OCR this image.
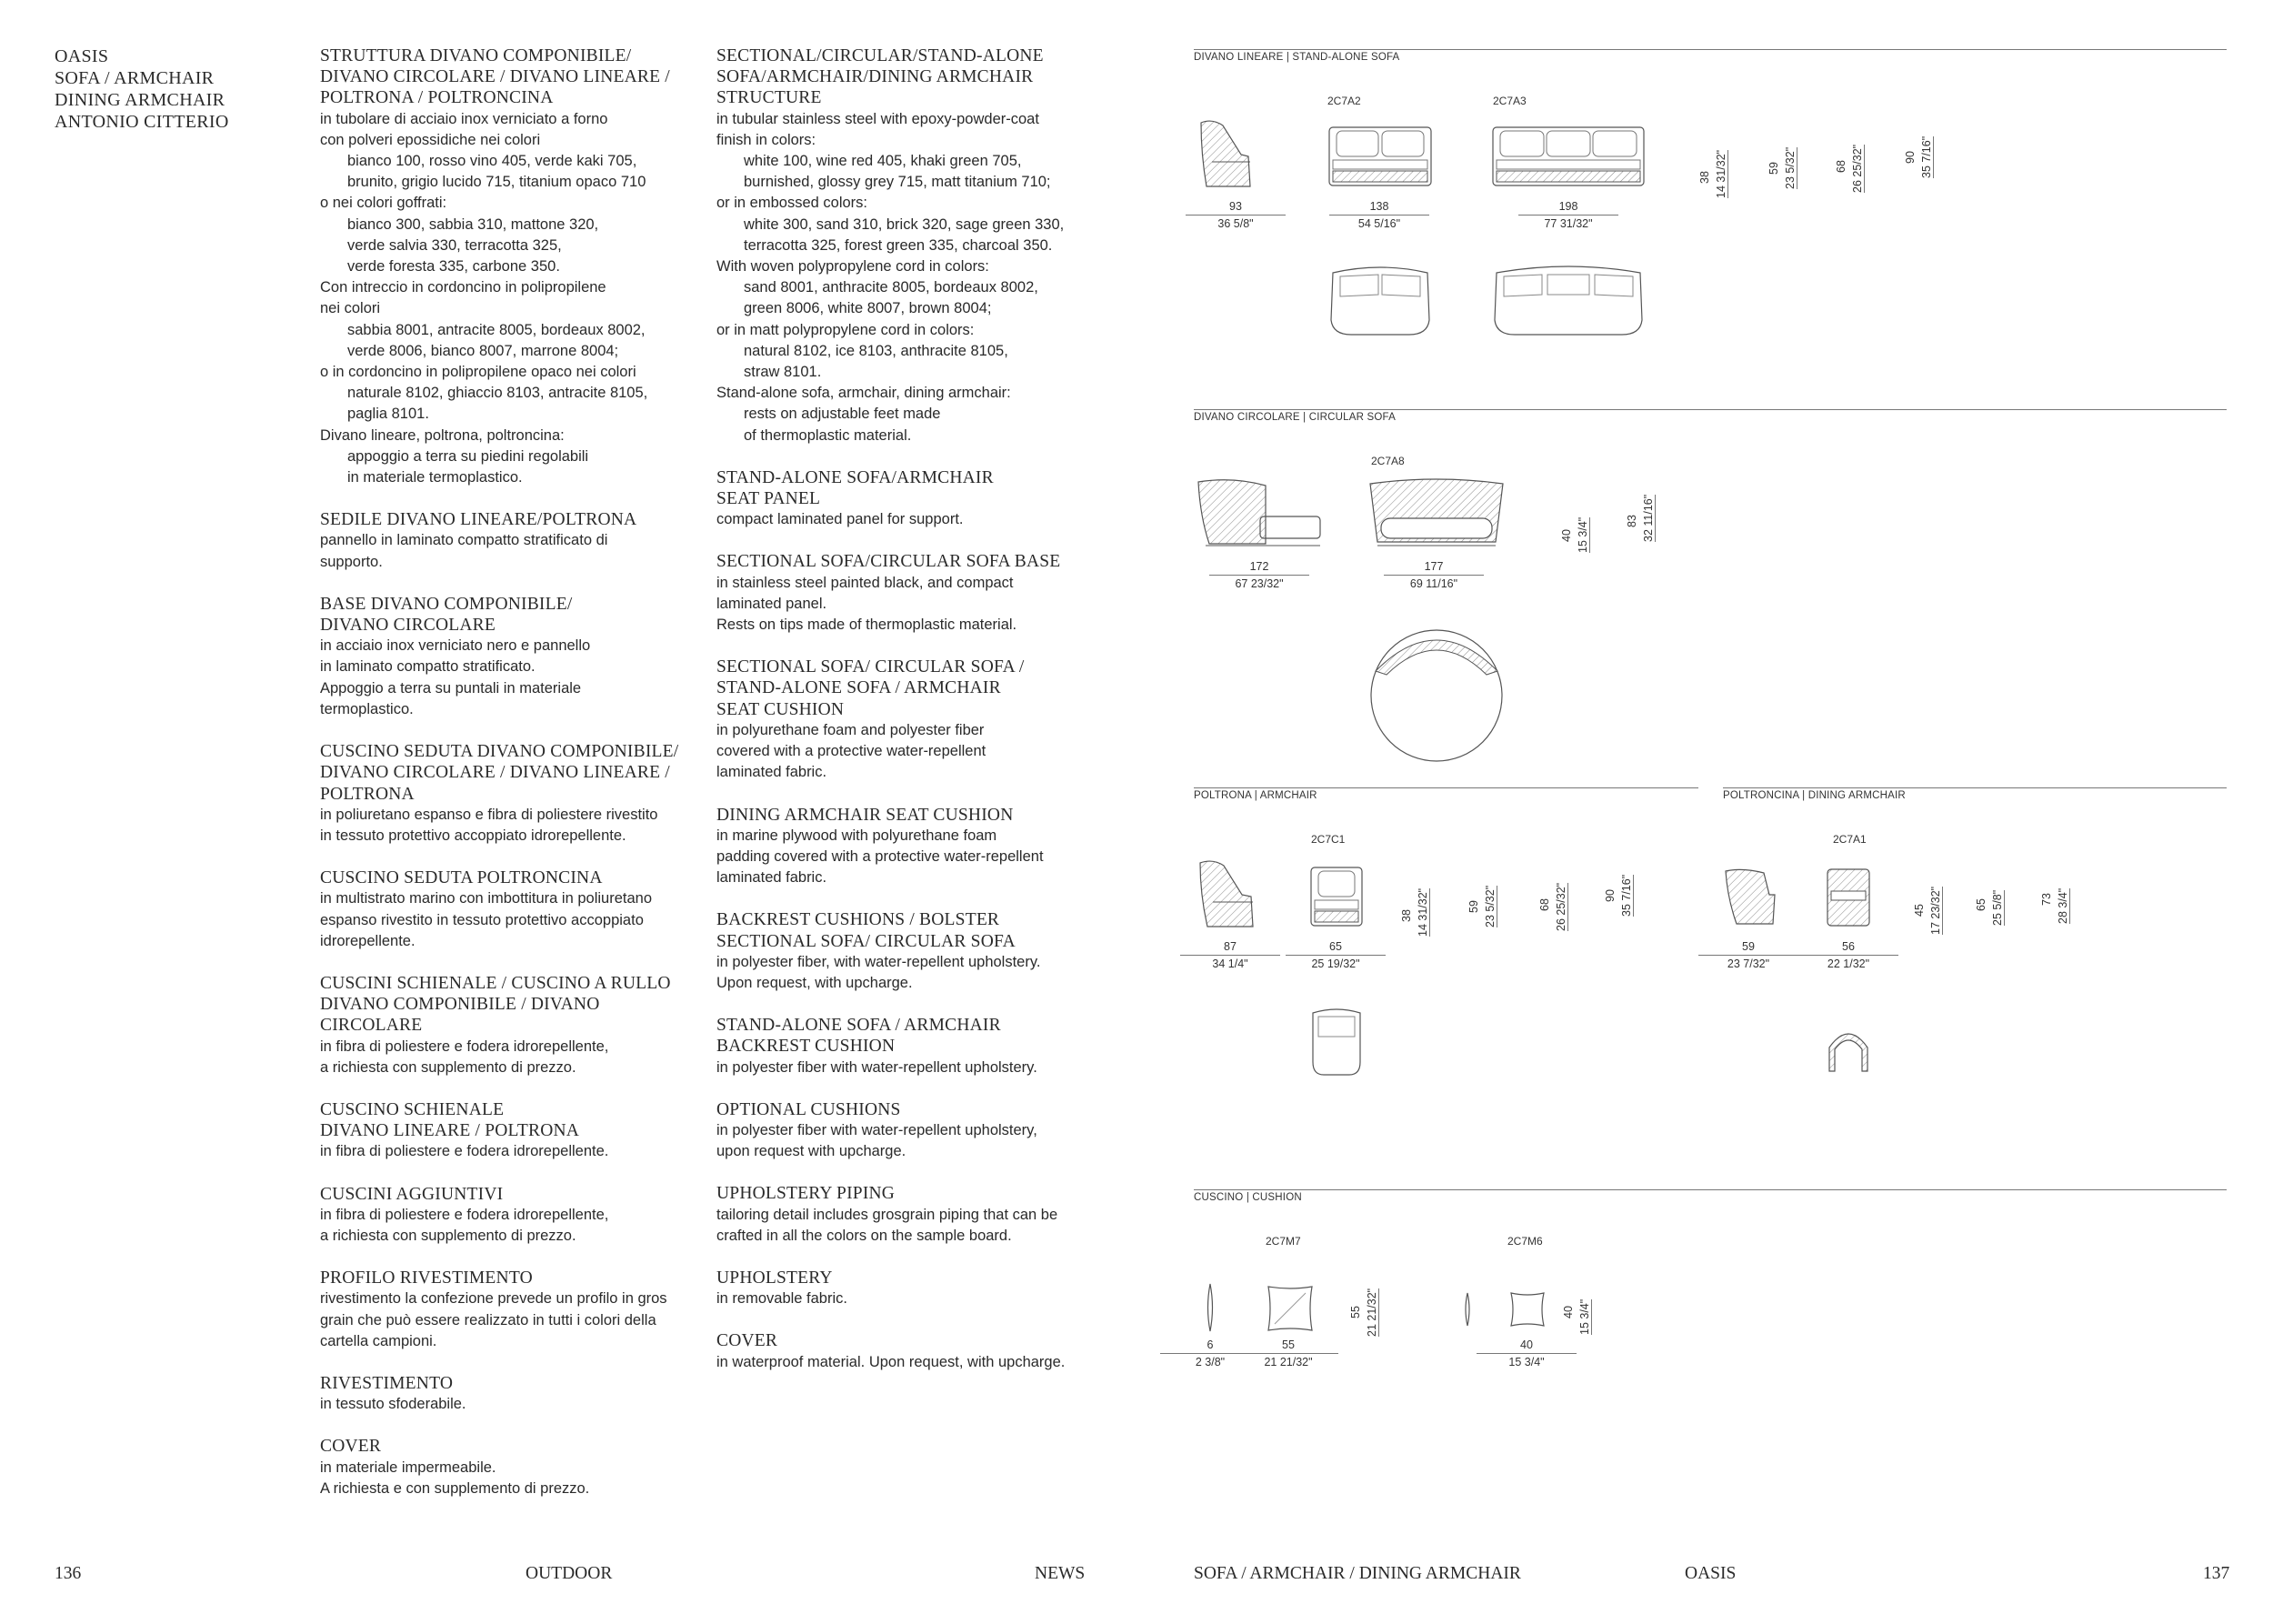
OASIS
SOFA / ARMCHAIR
DINING ARMCHAIR
ANTONIO CITTERIO
STRUTTURA DIVANO COMPONIBILE/
DIVANO CIRCOLARE / DIVANO LINEARE /
POLTRONA / POLTRONCINA
in tubolare di acciaio inox verniciato a forno
con polveri epossidiche nei colori
bianco 100, rosso vino 405, verde kaki 705,
brunito, grigio lucido 715, titanium opaco 710
o nei colori goffrati:
bianco 300, sabbia 310, mattone 320,
verde salvia 330, terracotta 325,
verde foresta 335, carbone 350.
Con intreccio in cordoncino in polipropilene
nei colori
sabbia 8001, antracite 8005, bordeaux 8002,
verde 8006, bianco 8007, marrone 8004;
o in cordoncino in polipropilene opaco nei colori
naturale 8102, ghiaccio 8103, antracite 8105,
paglia 8101.
Divano lineare, poltrona, poltroncina:
appoggio a terra su piedini regolabili
in materiale termoplastico.
SEDILE DIVANO LINEARE/POLTRONA
pannello in laminato compatto stratificato di
supporto.
BASE DIVANO COMPONIBILE/
DIVANO CIRCOLARE
in acciaio inox verniciato nero e pannello
in laminato compatto stratificato.
Appoggio a terra su puntali in materiale
termoplastico.
CUSCINO SEDUTA DIVANO COMPONIBILE/
DIVANO CIRCOLARE / DIVANO LINEARE /
POLTRONA
in poliuretano espanso e fibra di poliestere rivestito
in tessuto protettivo accoppiato idrorepellente.
CUSCINO SEDUTA POLTRONCINA
in multistrato marino con imbottitura in poliuretano
espanso rivestito in tessuto protettivo accoppiato
idrorepellente.
CUSCINI SCHIENALE / CUSCINO A RULLO
DIVANO COMPONIBILE / DIVANO
CIRCOLARE
in fibra di poliestere e fodera idrorepellente,
a richiesta con supplemento di prezzo.
CUSCINO SCHIENALE
DIVANO LINEARE / POLTRONA
in fibra di poliestere e fodera idrorepellente.
CUSCINI AGGIUNTIVI
in fibra di poliestere e fodera idrorepellente,
a richiesta con supplemento di prezzo.
PROFILO RIVESTIMENTO
rivestimento la confezione prevede un profilo in gros
grain che può essere realizzato in tutti i colori della
cartella campioni.
RIVESTIMENTO
in tessuto sfoderabile.
COVER
in materiale impermeabile.
A richiesta e con supplemento di prezzo.
SECTIONAL/CIRCULAR/STAND-ALONE
SOFA/ARMCHAIR/DINING ARMCHAIR
STRUCTURE
in tubular stainless steel with epoxy-powder-coat
finish in colors:
white 100, wine red 405, khaki green 705,
burnished, glossy grey 715, matt titanium 710;
or in embossed colors:
white 300, sand 310, brick 320, sage green 330,
terracotta 325, forest green 335, charcoal 350.
With woven polypropylene cord in colors:
sand 8001, anthracite 8005, bordeaux 8002,
green 8006, white 8007, brown 8004;
or in matt polypropylene cord in colors:
natural 8102, ice 8103, anthracite 8105,
straw 8101.
Stand-alone sofa, armchair, dining armchair:
rests on adjustable feet made
of thermoplastic material.
STAND-ALONE SOFA/ARMCHAIR
SEAT PANEL
compact laminated panel for support.
SECTIONAL SOFA/CIRCULAR SOFA BASE
in stainless steel painted black, and compact
laminated panel.
Rests on tips made of thermoplastic material.
SECTIONAL SOFA/ CIRCULAR SOFA /
STAND-ALONE SOFA / ARMCHAIR
SEAT CUSHION
in polyurethane foam and polyester fiber
covered with a protective water-repellent
laminated fabric.
DINING ARMCHAIR SEAT CUSHION
in marine plywood with polyurethane foam
padding covered with a protective water-repellent
laminated fabric.
BACKREST CUSHIONS / BOLSTER
SECTIONAL SOFA/ CIRCULAR SOFA
in polyester fiber, with water-repellent upholstery.
Upon request, with upcharge.
STAND-ALONE SOFA / ARMCHAIR
BACKREST CUSHION
in polyester fiber with water-repellent upholstery.
OPTIONAL CUSHIONS
in polyester fiber with water-repellent upholstery,
upon request with upcharge.
UPHOLSTERY PIPING
tailoring detail includes grosgrain piping that can be
crafted in all the colors on the sample board.
UPHOLSTERY
in removable fabric.
COVER
in waterproof material. Upon request, with upcharge.
136	OUTDOOR	NEWS	SOFA / ARMCHAIR / DINING ARMCHAIR	OASIS	137
DIVANO LINEARE | STAND-ALONE SOFA
2C7A2	2C7A3
93
36 5/8"
138
54 5/16"
198
77 31/32"
38 14 31/32"	59 23 5/32"	68 26 25/32"	90 35 7/16"
DIVANO CIRCOLARE | CIRCULAR SOFA
2C7A8
172
67 23/32"
177
69 11/16"
40 15 3/4"	83 32 11/16"
POLTRONA | ARMCHAIR
2C7C1
87
34 1/4"
65
25 19/32"
38 14 31/32"	59 23 5/32"	68 26 25/32"	90 35 7/16"
POLTRONCINA | DINING ARMCHAIR
2C7A1
59
23 7/32"
56
22 1/32"
45 17 23/32"	65 25 5/8"	73 28 3/4"
CUSCINO | CUSHION
2C7M7	2C7M6
6
2 3/8"
55
21 21/32"
40
15 3/4"
55 21 21/32"	40 15 3/4"
